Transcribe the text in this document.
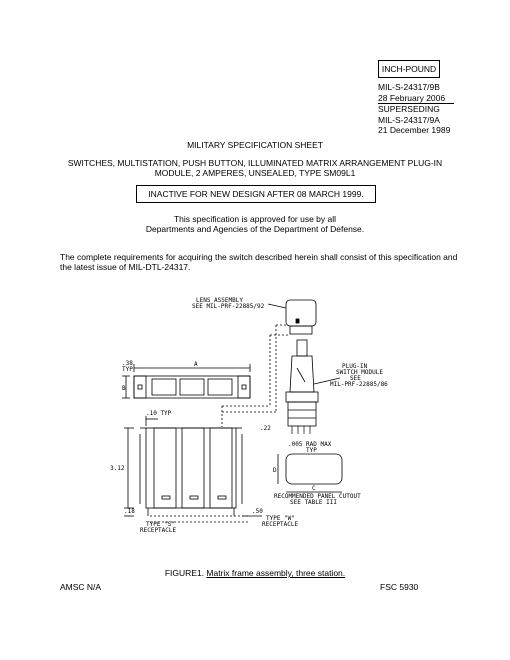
INCH-POUND
MIL-S-24317/9B
28 February 2006
SUPERSEDING
MIL-S-24317/9A
21 December 1989
MILITARY SPECIFICATION SHEET
SWITCHES, MULTISTATION, PUSH BUTTON, ILLUMINATED MATRIX ARRANGEMENT PLUG-IN
MODULE, 2 AMPERES, UNSEALED, TYPE SM09L1
INACTIVE FOR NEW DESIGN AFTER 08 MARCH 1999.
This specification is approved for use by all
Departments and Agencies of the Department of Defense.
The complete requirements for acquiring the switch described herein shall consist of this specification and
the latest issue of MIL-DTL-24317.
LENS ASSEMBLY
SEE MIL-PRF-22885/92
PLUG-IN
SWITCH MODULE
SEE
MIL-PRF-22885/86
.38
TYP
A
B
.10 TYP
.22
3.12
.18	.50
.005 RAD MAX
TYP
D
C
RECOMMENDED PANEL CUTOUT
SEE TABLE III
TYPE "S"
RECEPTACLE
TYPE "W"
RECEPTACLE
FIGURE1. Matrix frame assembly, three station.
AMSC N/A	FSC 5930
